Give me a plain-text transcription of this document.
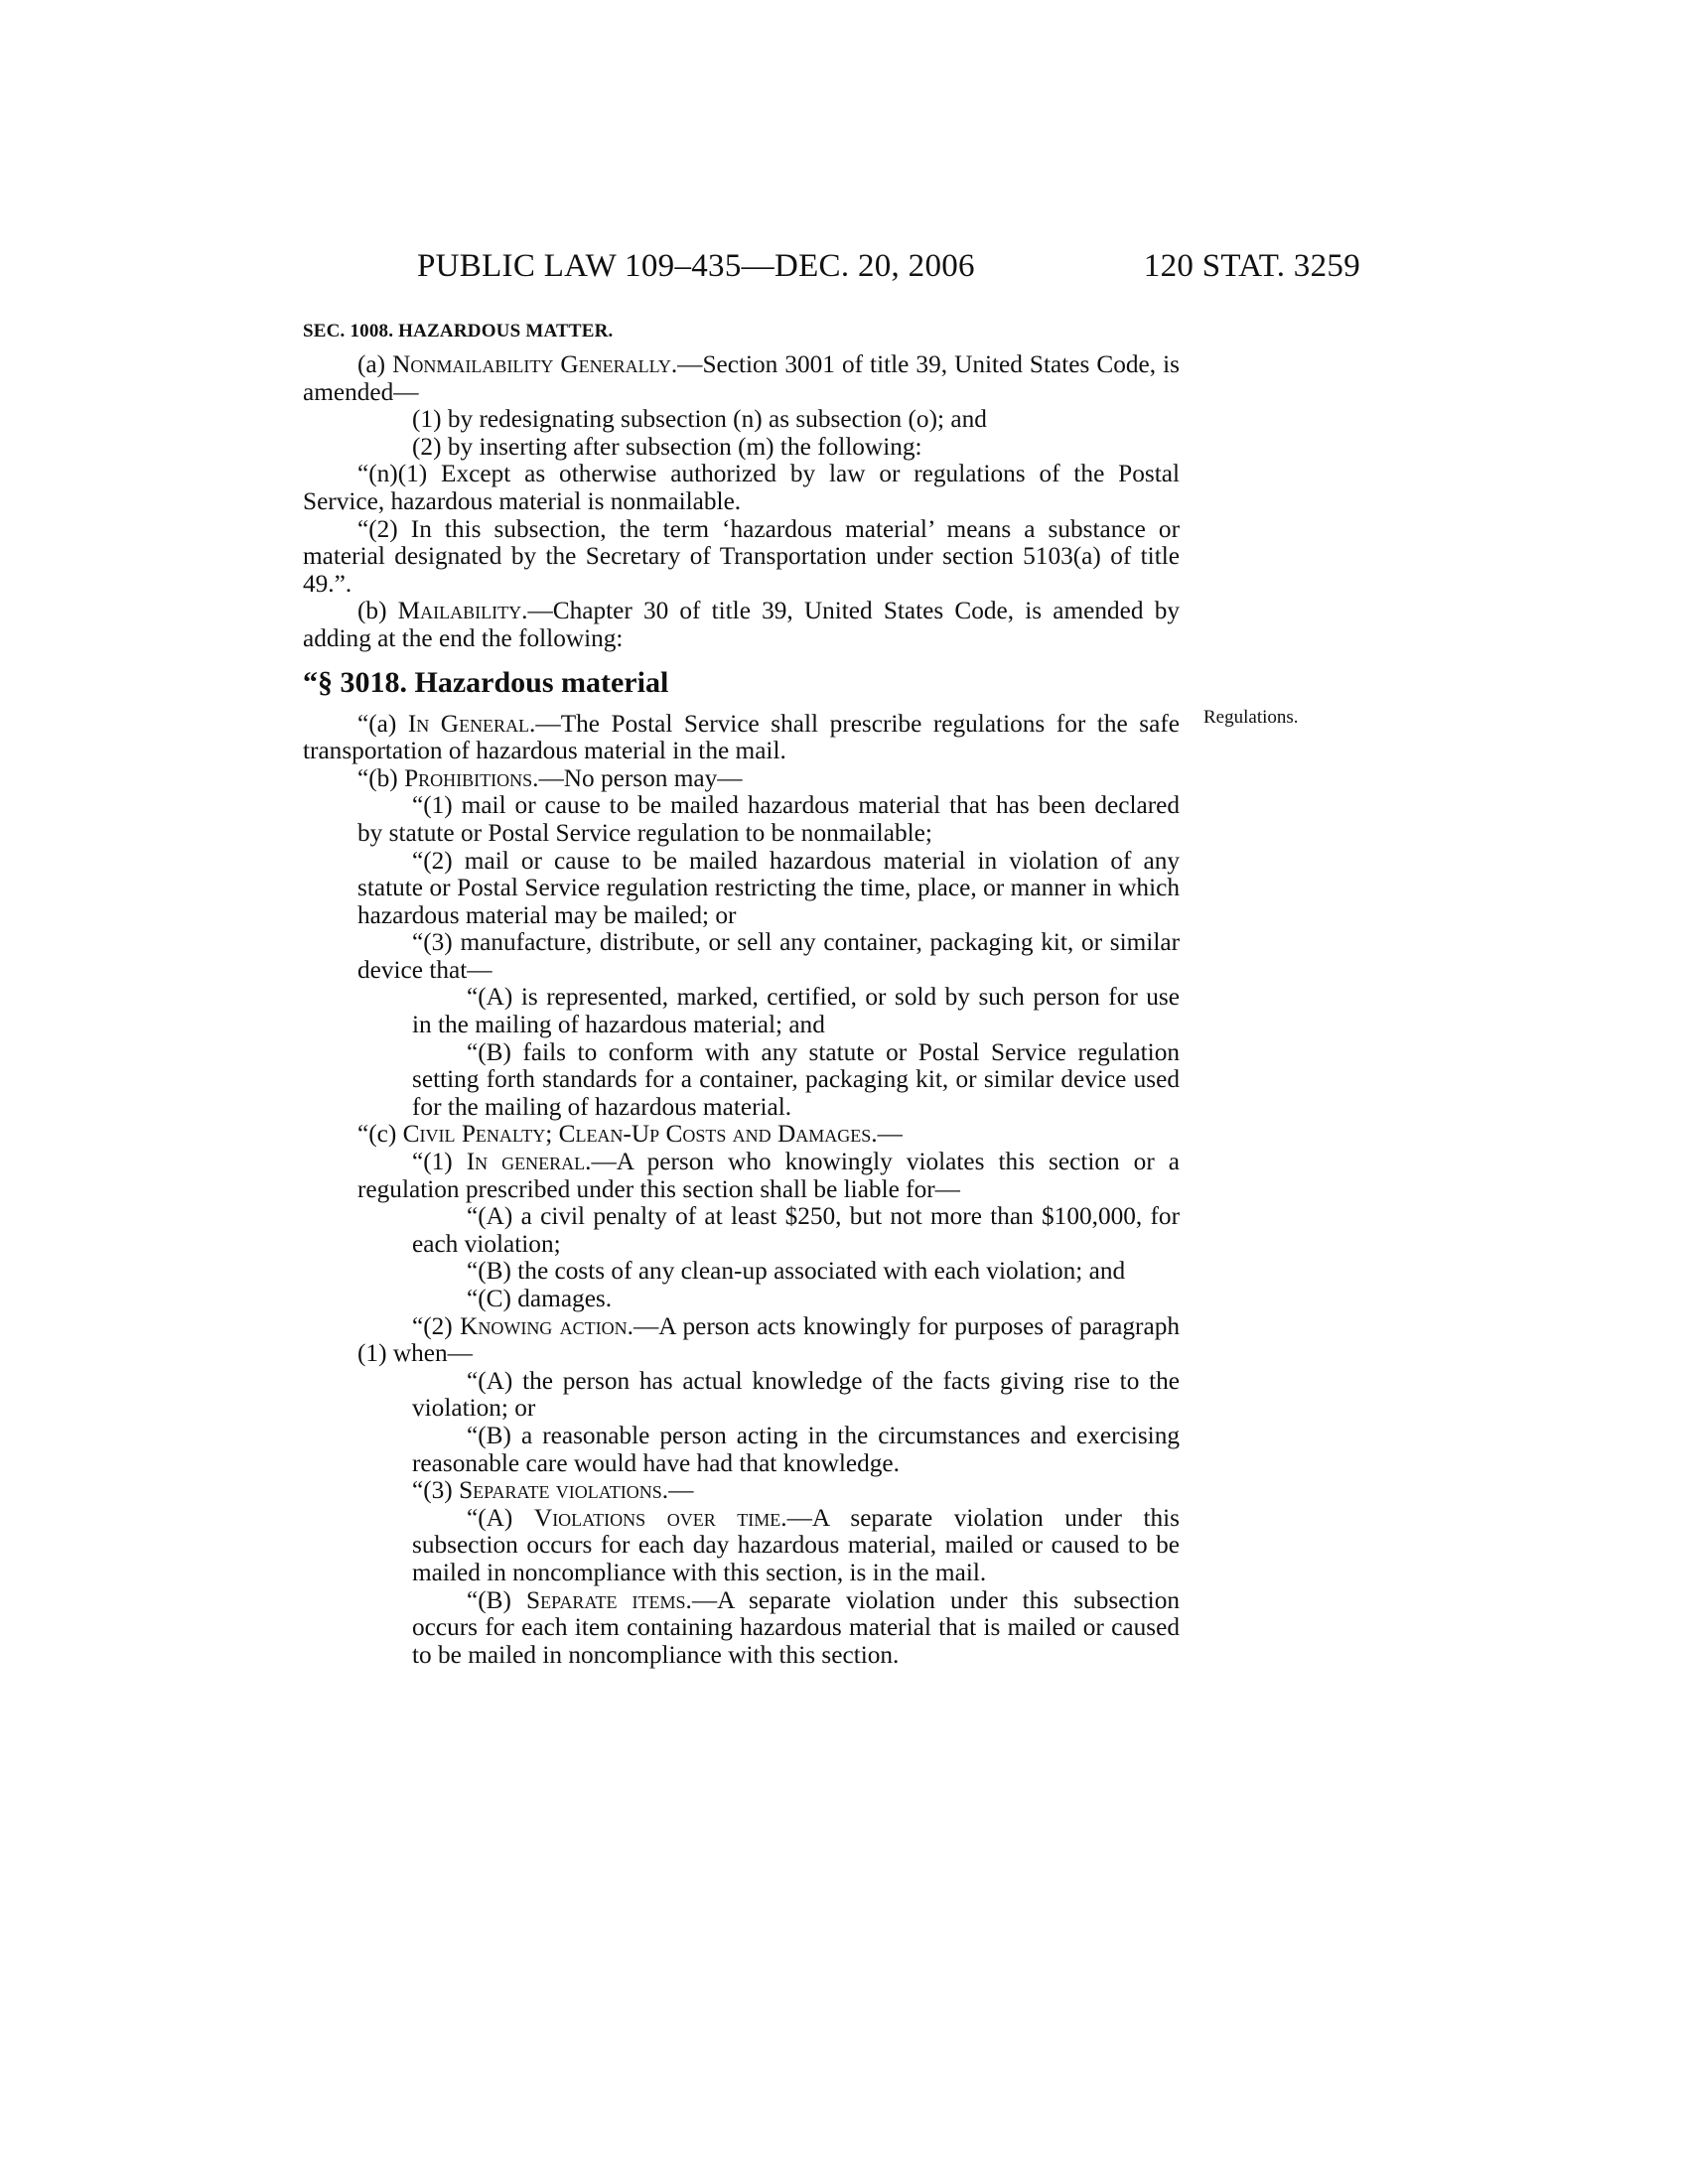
PUBLIC LAW 109–435—DEC. 20, 2006	120 STAT. 3259
SEC. 1008. HAZARDOUS MATTER.
Regulations.

(a) Nonmailability Generally.—Section 3001 of title 39, United States Code, is amended—

(1) by redesignating subsection (n) as subsection (o); and

(2) by inserting after subsection (m) the following:

“(n)(1) Except as otherwise authorized by law or regulations of the Postal Service, hazardous material is nonmailable.

“(2) In this subsection, the term ‘hazardous material’ means a substance or material designated by the Secretary of Transportation under section 5103(a) of title 49.”.

(b) Mailability.—Chapter 30 of title 39, United States Code, is amended by adding at the end the following:

“§ 3018. Hazardous material

“(a) In General.—The Postal Service shall prescribe regulations for the safe transportation of hazardous material in the mail.

“(b) Prohibitions.—No person may—

“(1) mail or cause to be mailed hazardous material that has been declared by statute or Postal Service regulation to be nonmailable;

“(2) mail or cause to be mailed hazardous material in violation of any statute or Postal Service regulation restricting the time, place, or manner in which hazardous material may be mailed; or

“(3) manufacture, distribute, or sell any container, packaging kit, or similar device that—

“(A) is represented, marked, certified, or sold by such person for use in the mailing of hazardous material; and

“(B) fails to conform with any statute or Postal Service regulation setting forth standards for a container, packaging kit, or similar device used for the mailing of hazardous material.

“(c) Civil Penalty; Clean-Up Costs and Damages.—

“(1) In general.—A person who knowingly violates this section or a regulation prescribed under this section shall be liable for—

“(A) a civil penalty of at least $250, but not more than $100,000, for each violation;

“(B) the costs of any clean-up associated with each violation; and

“(C) damages.

“(2) Knowing action.—A person acts knowingly for purposes of paragraph (1) when—

“(A) the person has actual knowledge of the facts giving rise to the violation; or

“(B) a reasonable person acting in the circumstances and exercising reasonable care would have had that knowledge.

“(3) Separate violations.—

“(A) Violations over time.—A separate violation under this subsection occurs for each day hazardous material, mailed or caused to be mailed in noncompliance with this section, is in the mail.

“(B) Separate items.—A separate violation under this subsection occurs for each item containing hazardous material that is mailed or caused to be mailed in noncompliance with this section.
